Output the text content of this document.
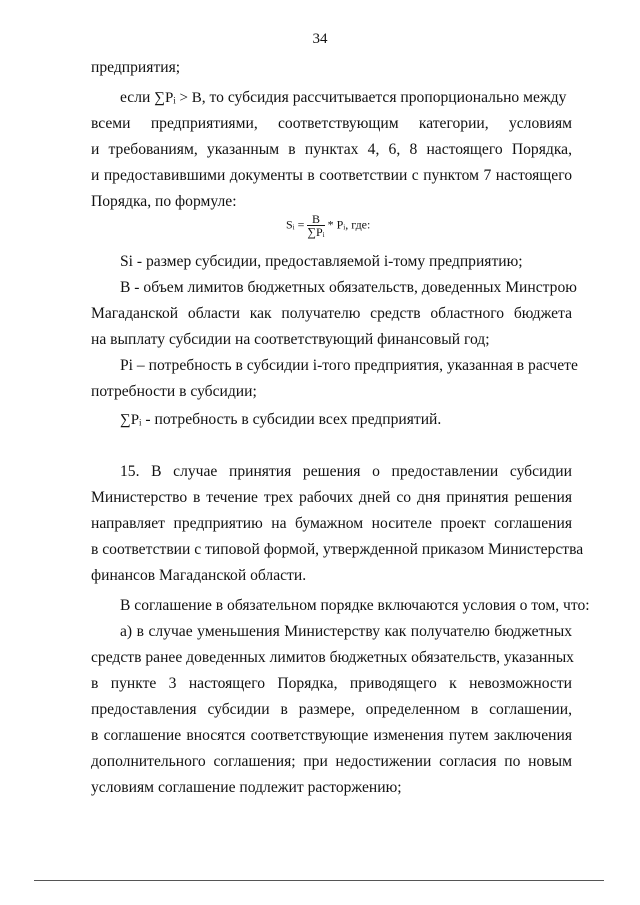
34
предприятия;
если ∑Pᵢ > B, то субсидия рассчитывается пропорционально между
всеми предприятиями, соответствующим категории, условиям
и требованиям, указанным в пунктах 4, 6, 8 настоящего Порядка,
и предоставившими документы в соответствии с пунктом 7 настоящего
Порядка, по формуле:
Sᵢ = $\frac{B}{\text{∑Pᵢ}}$ * Pᵢ, где:
Si - размер субсидии, предоставляемой i-тому предприятию;
B - объем лимитов бюджетных обязательств, доведенных Минстрою
Магаданской области как получателю средств областного бюджета
на выплату субсидии на соответствующий финансовый год;
Pi – потребность в субсидии i-того предприятия, указанная в расчете
потребности в субсидии;
∑Pᵢ - потребность в субсидии всех предприятий.
15. В случае принятия решения о предоставлении субсидии
Министерство в течение трех рабочих дней со дня принятия решения
направляет предприятию на бумажном носителе проект соглашения
в соответствии с типовой формой, утвержденной приказом Министерства
финансов Магаданской области.
В соглашение в обязательном порядке включаются условия о том, что:
а) в случае уменьшения Министерству как получателю бюджетных
средств ранее доведенных лимитов бюджетных обязательств, указанных
в пункте 3 настоящего Порядка, приводящего к невозможности
предоставления субсидии в размере, определенном в соглашении,
в соглашение вносятся соответствующие изменения путем заключения
дополнительного соглашения; при недостижении согласия по новым
условиям соглашение подлежит расторжению;
